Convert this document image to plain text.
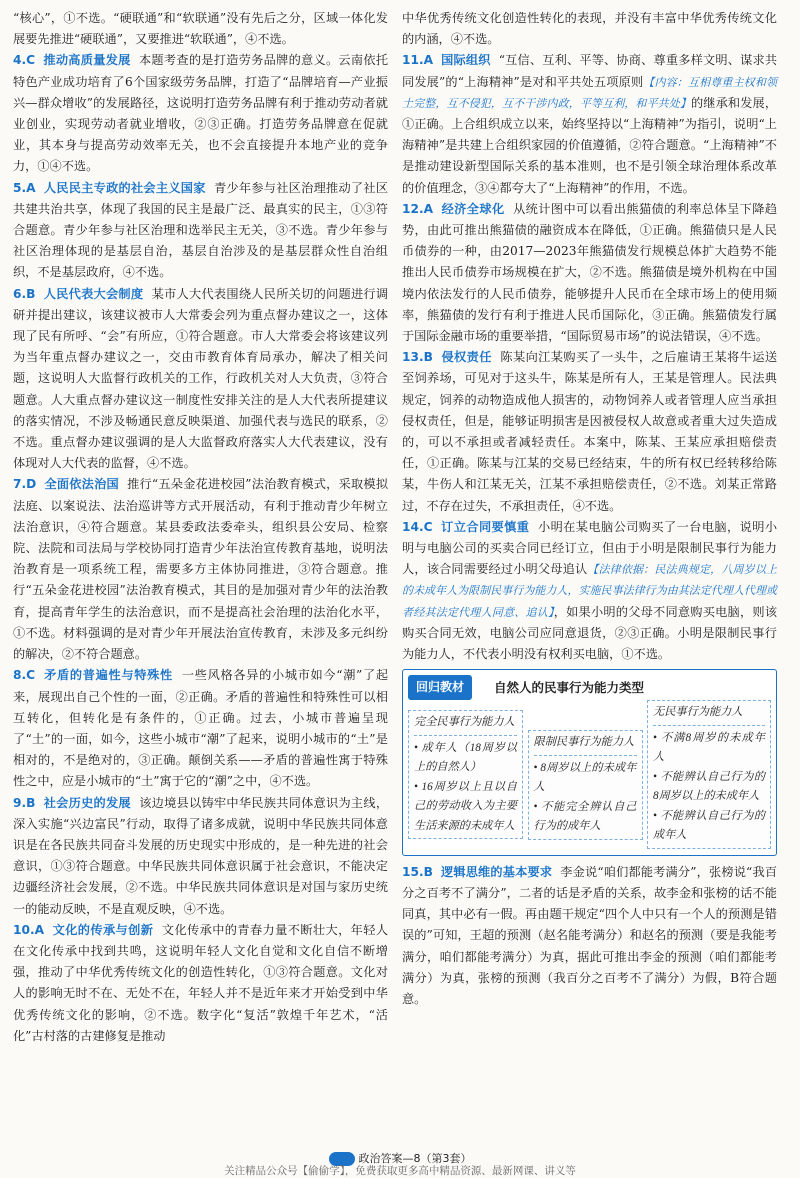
“核心”，①不选。“硬联通”和“软联通”没有先后之分，区域一体化发展要先推进“硬联通”，又要推进“软联通”，④不选。

4.C 推动高质量发展 本题考查的是打造劳务品牌的意义。云南依托特色产业成功培育了6个国家级劳务品牌，打造了“品牌培育—产业振兴—群众增收”的发展路径，这说明打造劳务品牌有利于推动劳动者就业创业，实现劳动者就业增收，②③正确。打造劳务品牌意在促就业，其本身与提高劳动效率无关，也不会直接提升本地产业的竞争力，①④不选。

5.A 人民民主专政的社会主义国家 青少年参与社区治理推动了社区共建共治共享，体现了我国的民主是最广泛、最真实的民主，①③符合题意。青少年参与社区治理和选举民主无关，③不选。青少年参与社区治理体现的是基层自治，基层自治涉及的是基层群众性自治组织，不是基层政府，④不选。

6.B 人民代表大会制度 某市人大代表围绕人民所关切的问题进行调研并提出建议，该建议被市人大常委会列为重点督办建议之一，这体现了民有所呼、“会”有所应，①符合题意。市人大常委会将该建议列为当年重点督办建议之一，交由市教育体育局承办，解决了相关问题，这说明人大监督行政机关的工作，行政机关对人大负责，③符合题意。人大重点督办建议这一制度性安排关注的是人大代表所提建议的落实情况，不涉及畅通民意反映渠道、加强代表与选民的联系，②不选。重点督办建议强调的是人大监督政府落实人大代表建议，没有体现对人大代表的监督，④不选。

7.D 全面依法治国 推行“五朵金花进校园”法治教育模式，采取模拟法庭、以案说法、法治巡讲等方式开展活动，有利于推动青少年树立法治意识，④符合题意。某县委政法委牵头，组织县公安局、检察院、法院和司法局与学校协同打造青少年法治宣传教育基地，说明法治教育是一项系统工程，需要多方主体协同推进，③符合题意。推行“五朵金花进校园”法治教育模式，其目的是加强对青少年的法治教育，提高青年学生的法治意识，而不是提高社会治理的法治化水平，①不选。材料强调的是对青少年开展法治宣传教育，未涉及多元纠纷的解决，②不符合题意。

8.C 矛盾的普遍性与特殊性 一些风格各异的小城市如今“潮”了起来，展现出自己个性的一面，②正确。矛盾的普遍性和特殊性可以相互转化，但转化是有条件的，①正确。过去，小城市普遍呈现了“土”的一面，如今，这些小城市“潮”了起来，说明小城市的“土”是相对的，不是绝对的，③正确。颠倒关系——矛盾的普遍性寓于特殊性之中，应是小城市的“土”寓于它的“潮”之中，④不选。

9.B 社会历史的发展 该边境县以铸牢中华民族共同体意识为主线，深入实施“兴边富民”行动，取得了诸多成就，说明中华民族共同体意识是在各民族共同奋斗发展的历史现实中形成的，是一种先进的社会意识，①③符合题意。中华民族共同体意识属于社会意识，不能决定边疆经济社会发展，②不选。中华民族共同体意识是对国与家历史统一的能动反映，不是直观反映，④不选。

10.A 文化的传承与创新 文化传承中的青春力量不断壮大，年轻人在文化传承中找到共鸣，这说明年轻人文化自觉和文化自信不断增强，推动了中华优秀传统文化的创造性转化，①③符合题意。文化对人的影响无时不在、无处不在，年轻人并不是近年来才开始受到中华优秀传统文化的影响，②不选。数字化“复活”敦煌千年艺术，“活化”古村落的古建修复是推动

中华优秀传统文化创造性转化的表现，并没有丰富中华优秀传统文化的内涵，④不选。

11.A 国际组织 “互信、互利、平等、协商、尊重多样文明、谋求共同发展”的“上海精神”是对和平共处五项原则【内容：互相尊重主权和领土完整，互不侵犯，互不干涉内政，平等互利，和平共处】的继承和发展，①正确。上合组织成立以来，始终坚持以“上海精神”为指引，说明“上海精神”是共建上合组织家园的价值遵循，②符合题意。“上海精神”不是推动建设新型国际关系的基本准则，也不是引领全球治理体系改革的价值理念，③④都夸大了“上海精神”的作用，不选。

12.A 经济全球化 从统计图中可以看出熊猫债的利率总体呈下降趋势，由此可推出熊猫债的融资成本在降低，①正确。熊猫债只是人民币债券的一种，由2017—2023年熊猫债发行规模总体扩大趋势不能推出人民币债券市场规模在扩大，②不选。熊猫债是境外机构在中国境内依法发行的人民币债券，能够提升人民币在全球市场上的使用频率，熊猫债的发行有利于推进人民币国际化，③正确。熊猫债发行属于国际金融市场的重要举措，“国际贸易市场”的说法错误，④不选。

13.B 侵权责任 陈某向江某购买了一头牛，之后雇请王某将牛运送至饲养场，可见对于这头牛，陈某是所有人，王某是管理人。民法典规定，饲养的动物造成他人损害的，动物饲养人或者管理人应当承担侵权责任，但是，能够证明损害是因被侵权人故意或者重大过失造成的，可以不承担或者减轻责任。本案中，陈某、王某应承担赔偿责任，①正确。陈某与江某的交易已经结束，牛的所有权已经转移给陈某，牛伤人和江某无关，江某不承担赔偿责任，②不选。刘某正常路过，不存在过失，不承担责任，④不选。

14.C 订立合同要慎重 小明在某电脑公司购买了一台电脑，说明小明与电脑公司的买卖合同已经订立，但由于小明是限制民事行为能力人，该合同需要经过小明父母追认【法律依据：民法典规定，八周岁以上的未成年人为限制民事行为能力人，实施民事法律行为由其法定代理人代理或者经其法定代理人同意、追认】，如果小明的父母不同意购买电脑，则该购买合同无效，电脑公司应同意退货，②③正确。小明是限制民事行为能力人，不代表小明没有权利买电脑，①不选。

回归教材	自然人的民事行为能力类型
完全民事行为能力人
• 成年人（18周岁以上的自然人）
• 16周岁以上且以自己的劳动收入为主要生活来源的未成年人
限制民事行为能力人
• 8周岁以上的未成年人
• 不能完全辨认自己行为的成年人
无民事行为能力人
• 不满8周岁的未成年人
• 不能辨认自己行为的8周岁以上的未成年人
• 不能辨认自己行为的成年人

15.B 逻辑思维的基本要求 李金说“咱们都能考满分”，张榜说“我百分之百考不了满分”，二者的话是矛盾的关系，故李金和张榜的话不能同真，其中必有一假。再由题干规定“四个人中只有一个人的预测是错误的”可知，王超的预测（赵名能考满分）和赵名的预测（要是我能考满分，咱们都能考满分）为真，据此可推出李金的预测（咱们都能考满分）为真，张榜的预测（我百分之百考不了满分）为假，B符合题意。

政治答案—8（第3套）
关注精品公众号【偷偷学】，免费获取更多高中精品资源、最新网课、讲义等
